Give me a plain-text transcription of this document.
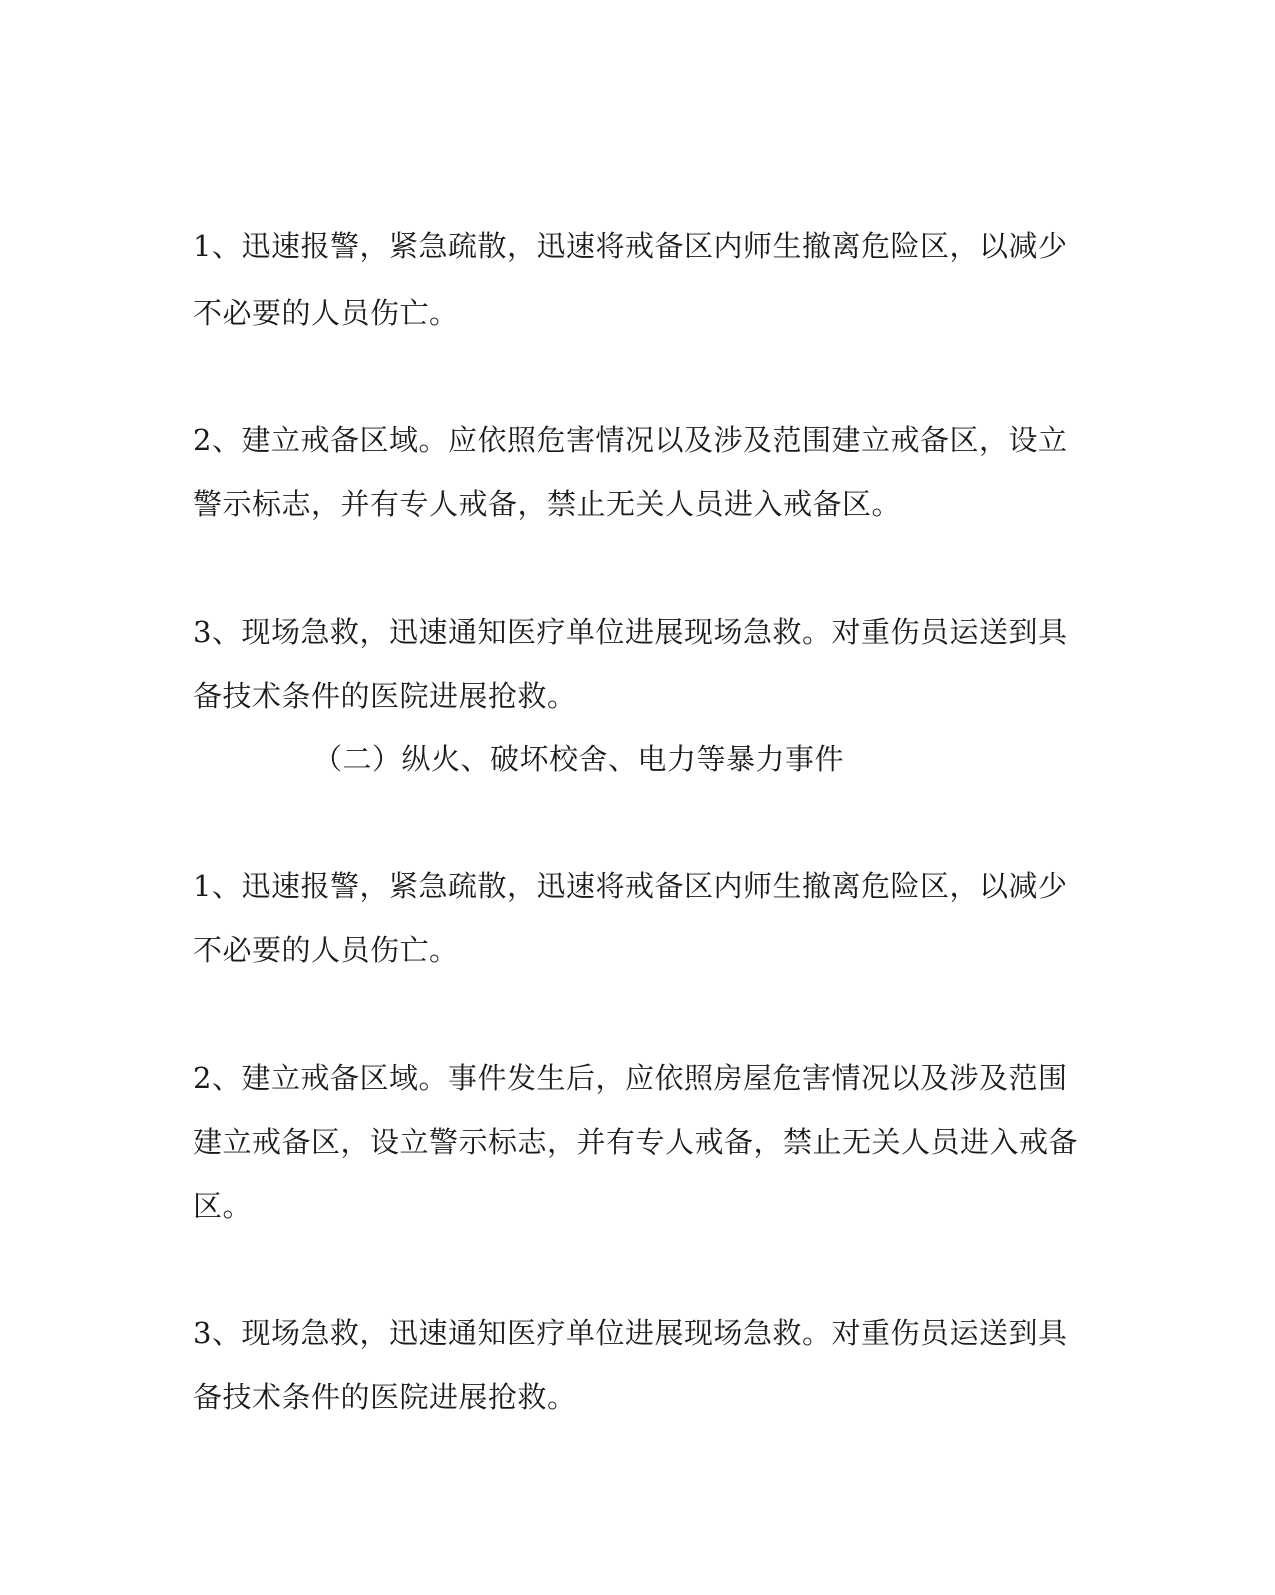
1、迅速报警，紧急疏散，迅速将戒备区内师生撤离危险区，以减少
不必要的人员伤亡。
2、建立戒备区域。应依照危害情况以及涉及范围建立戒备区，设立
警示标志，并有专人戒备，禁止无关人员进入戒备区。
3、现场急救，迅速通知医疗单位进展现场急救。对重伤员运送到具
备技术条件的医院进展抢救。
（二）纵火、破坏校舍、电力等暴力事件
1、迅速报警，紧急疏散，迅速将戒备区内师生撤离危险区，以减少
不必要的人员伤亡。
2、建立戒备区域。事件发生后，应依照房屋危害情况以及涉及范围
建立戒备区，设立警示标志，并有专人戒备，禁止无关人员进入戒备
区。
3、现场急救，迅速通知医疗单位进展现场急救。对重伤员运送到具
备技术条件的医院进展抢救。
